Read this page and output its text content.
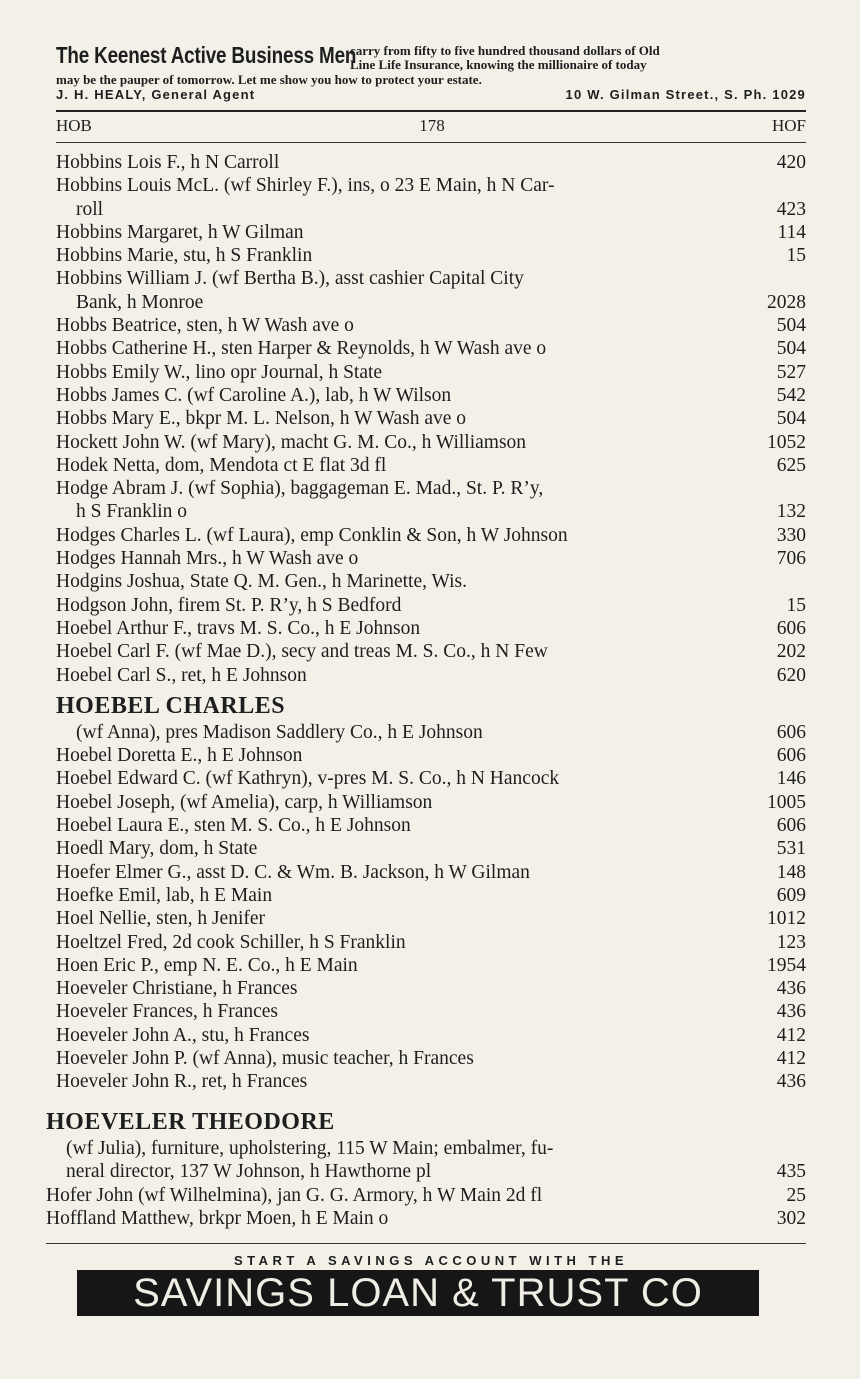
The Keenest Active Business Men
carry from fifty to five hundred thousand dollars of Old
Line Life Insurance, knowing the millionaire of today
may be the pauper of tomorrow. Let me show you how to protect your estate.
J. H. HEALY, General Agent	10 W. Gilman Street., S. Ph. 1029
HOB	178	HOF
Hobbins Lois F., h N Carroll	420
Hobbins Louis McL. (wf Shirley F.), ins, o 23 E Main, h N Car-
roll	423
Hobbins Margaret, h W Gilman	114
Hobbins Marie, stu, h S Franklin	15
Hobbins William J. (wf Bertha B.), asst cashier Capital City
Bank, h Monroe	2028
Hobbs Beatrice, sten, h W Wash ave o	504
Hobbs Catherine H., sten Harper & Reynolds, h W Wash ave o	504
Hobbs Emily W., lino opr Journal, h State	527
Hobbs James C. (wf Caroline A.), lab, h W Wilson	542
Hobbs Mary E., bkpr M. L. Nelson, h W Wash ave o	504
Hockett John W. (wf Mary), macht G. M. Co., h Williamson	1052
Hodek Netta, dom, Mendota ct E flat 3d fl	625
Hodge Abram J. (wf Sophia), baggageman E. Mad., St. P. R’y,
h S Franklin o	132
Hodges Charles L. (wf Laura), emp Conklin & Son, h W Johnson	330
Hodges Hannah Mrs., h W Wash ave o	706
Hodgins Joshua, State Q. M. Gen., h Marinette, Wis.
Hodgson John, firem St. P. R’y, h S Bedford	15
Hoebel Arthur F., travs M. S. Co., h E Johnson	606
Hoebel Carl F. (wf Mae D.), secy and treas M. S. Co., h N Few	202
Hoebel Carl S., ret, h E Johnson	620
HOEBEL CHARLES
(wf Anna), pres Madison Saddlery Co., h E Johnson	606
Hoebel Doretta E., h E Johnson	606
Hoebel Edward C. (wf Kathryn), v-pres M. S. Co., h N Hancock	146
Hoebel Joseph, (wf Amelia), carp, h Williamson	1005
Hoebel Laura E., sten M. S. Co., h E Johnson	606
Hoedl Mary, dom, h State	531
Hoefer Elmer G., asst D. C. & Wm. B. Jackson, h W Gilman	148
Hoefke Emil, lab, h E Main	609
Hoel Nellie, sten, h Jenifer	1012
Hoeltzel Fred, 2d cook Schiller, h S Franklin	123
Hoen Eric P., emp N. E. Co., h E Main	1954
Hoeveler Christiane, h Frances	436
Hoeveler Frances, h Frances	436
Hoeveler John A., stu, h Frances	412
Hoeveler John P. (wf Anna), music teacher, h Frances	412
Hoeveler John R., ret, h Frances	436
HOEVELER THEODORE
(wf Julia), furniture, upholstering, 115 W Main; embalmer, fu-
neral director, 137 W Johnson, h Hawthorne pl	435
Hofer John (wf Wilhelmina), jan G. G. Armory, h W Main 2d fl	25
Hoffland Matthew, brkpr Moen, h E Main o	302
START A SAVINGS ACCOUNT WITH THE
SAVINGS LOAN & TRUST CO
